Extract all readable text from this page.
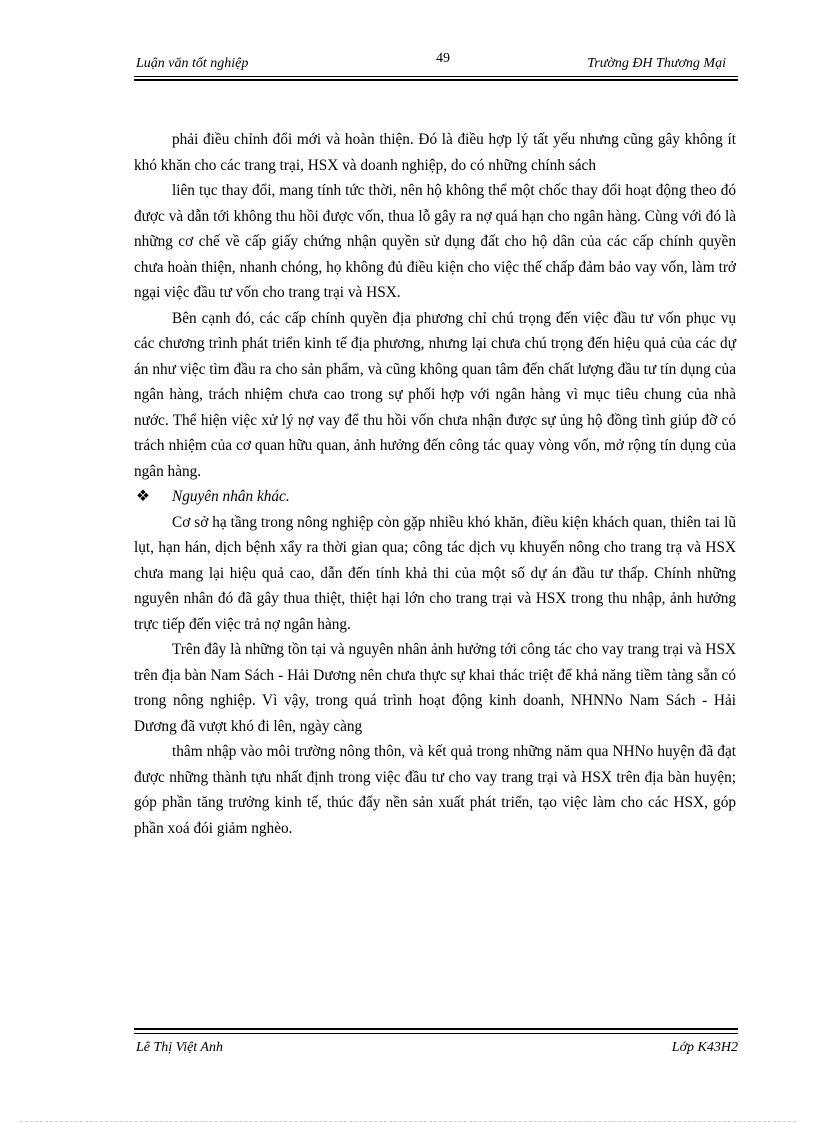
Luận văn tốt nghiệp	Trường ĐH Thương Mại
49

phải điều chỉnh đổi mới và hoàn thiện. Đó là điều hợp lý tất yếu nhưng cũng gây không ít khó khăn cho các trang trại, HSX và doanh nghiệp, do có những chính sách

liên tục thay đổi, mang tính tức thời, nên hộ không thể một chốc thay đổi hoạt động theo đó được và dẫn tới không thu hồi được vốn, thua lỗ gây ra nợ quá hạn cho ngân hàng. Cùng với đó là những cơ chế về cấp giấy chứng nhận quyền sử dụng đất cho hộ dân của các cấp chính quyền chưa hoàn thiện, nhanh chóng, họ không đủ điều kiện cho việc thế chấp đảm bảo vay vốn, làm trở ngại việc đầu tư vốn cho trang trại và HSX.

Bên cạnh đó, các cấp chính quyền địa phương chỉ chú trọng đến việc đầu tư vốn phục vụ các chương trình phát triển kinh tế địa phương, nhưng lại chưa chú trọng đến hiệu quả của các dự án như việc tìm đầu ra cho sản phẩm, và cũng không quan tâm đến chất lượng đầu tư tín dụng của ngân hàng, trách nhiệm chưa cao trong sự phối hợp với ngân hàng vì mục tiêu chung của nhà nước. Thể hiện việc xử lý nợ vay để thu hồi vốn chưa nhận được sự ủng hộ đồng tình giúp đỡ có trách nhiệm của cơ quan hữu quan, ảnh hưởng đến công tác quay vòng vốn, mở rộng tín dụng của ngân hàng.

❖ Nguyên nhân khác.

Cơ sở hạ tầng trong nông nghiệp còn gặp nhiều khó khăn, điều kiện khách quan, thiên tai lũ lụt, hạn hán, dịch bệnh xẩy ra thời gian qua; công tác dịch vụ khuyến nông cho trang trạ và HSX chưa mang lại hiệu quả cao, dẫn đến tính khả thi của một số dự án đầu tư thấp. Chính những nguyên nhân đó đã gây thua thiệt, thiệt hại lớn cho trang trại và HSX trong thu nhập, ảnh hưởng trực tiếp đến việc trả nợ ngân hàng.

Trên đây là những tồn tại và nguyên nhân ảnh hưởng tới công tác cho vay trang trại và HSX trên địa bàn Nam Sách - Hải Dương nên chưa thực sự khai thác triệt để khả năng tiềm tàng sẵn có trong nông nghiệp. Vì vậy, trong quá trình hoạt động kinh doanh, NHNNo Nam Sách - Hải Dương đã vượt khó đi lên, ngày càng

thâm nhập vào môi trường nông thôn, và kết quả trong những năm qua NHNo huyện đã đạt được những thành tựu nhất định trong việc đầu tư cho vay trang trại và HSX trên địa bàn huyện; góp phần tăng trưởng kinh tế, thúc đẩy nền sản xuất phát triển, tạo việc làm cho các HSX, góp phần xoá đói giảm nghèo.

Lê Thị Việt Anh	Lớp K43H2
